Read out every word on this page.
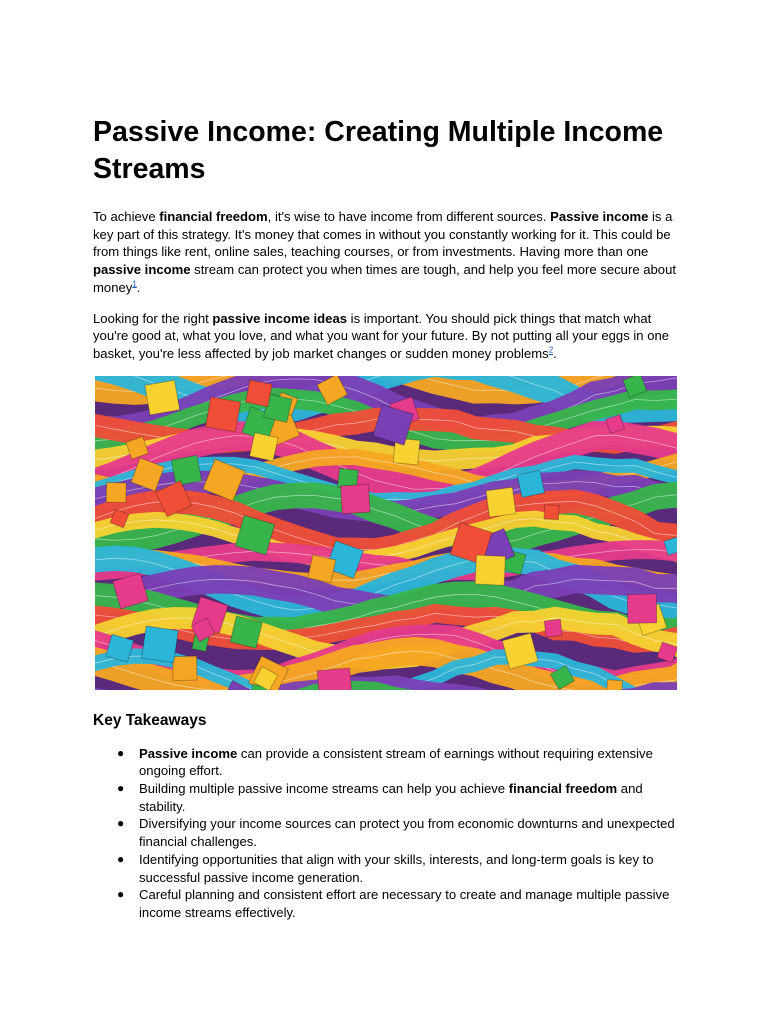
Passive Income: Creating Multiple Income Streams

To achieve financial freedom, it's wise to have income from different sources. Passive income is a key part of this strategy. It's money that comes in without you constantly working for it. This could be from things like rent, online sales, teaching courses, or from investments. Having more than one passive income stream can protect you when times are tough, and help you feel more secure about money$^1$.

Looking for the right passive income ideas is important. You should pick things that match what you're good at, what you love, and what you want for your future. By not putting all your eggs in one basket, you're less affected by job market changes or sudden money problems$^2$.

Key Takeaways
● Passive income can provide a consistent stream of earnings without requiring extensive ongoing effort.
● Building multiple passive income streams can help you achieve financial freedom and stability.
● Diversifying your income sources can protect you from economic downturns and unexpected financial challenges.
● Identifying opportunities that align with your skills, interests, and long-term goals is key to successful passive income generation.
● Careful planning and consistent effort are necessary to create and manage multiple passive income streams effectively.
